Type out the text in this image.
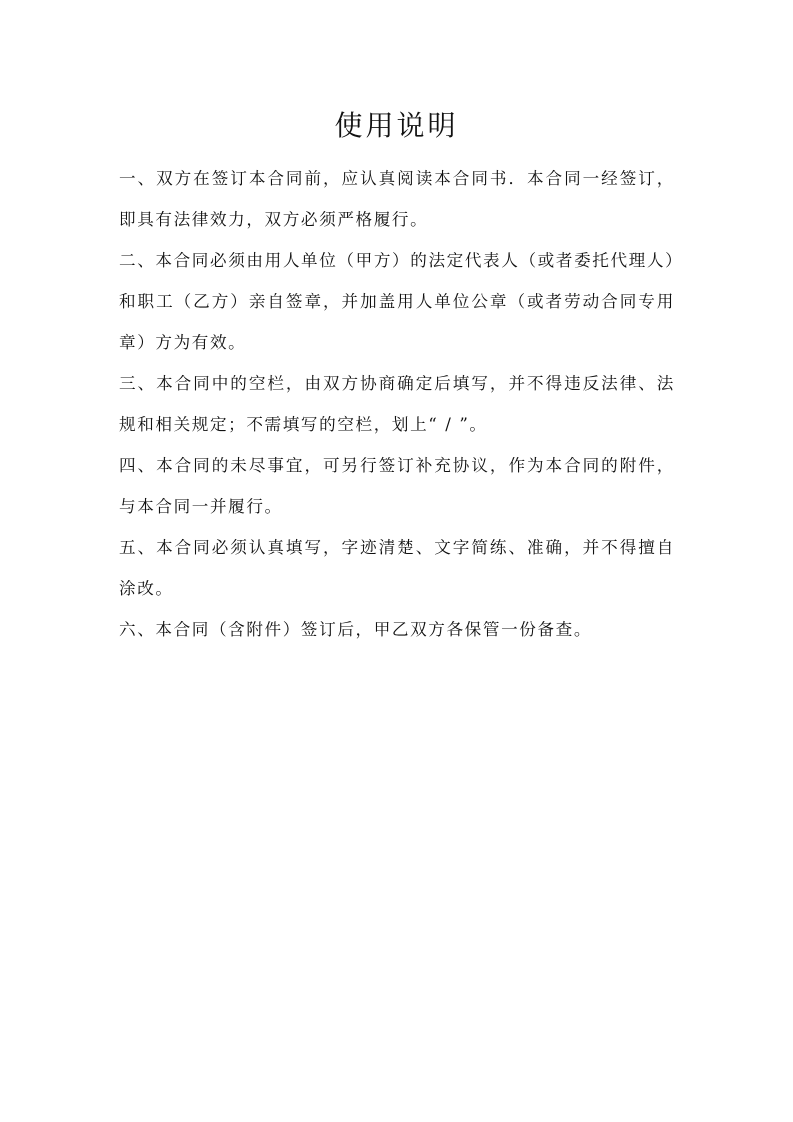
使用说明

一、双方在签订本合同前，应认真阅读本合同书．本合同一经签订，即具有法律效力，双方必须严格履行。

二、本合同必须由用人单位（甲方）的法定代表人（或者委托代理人）和职工（乙方）亲自签章，并加盖用人单位公章（或者劳动合同专用章）方为有效。

三、本合同中的空栏，由双方协商确定后填写，并不得违反法律、法规和相关规定；不需填写的空栏，划上“ / ”。

四、本合同的未尽事宜，可另行签订补充协议，作为本合同的附件，与本合同一并履行。

五、本合同必须认真填写，字迹清楚、文字简练、准确，并不得擅自涂改。

六、本合同（含附件）签订后，甲乙双方各保管一份备查。
